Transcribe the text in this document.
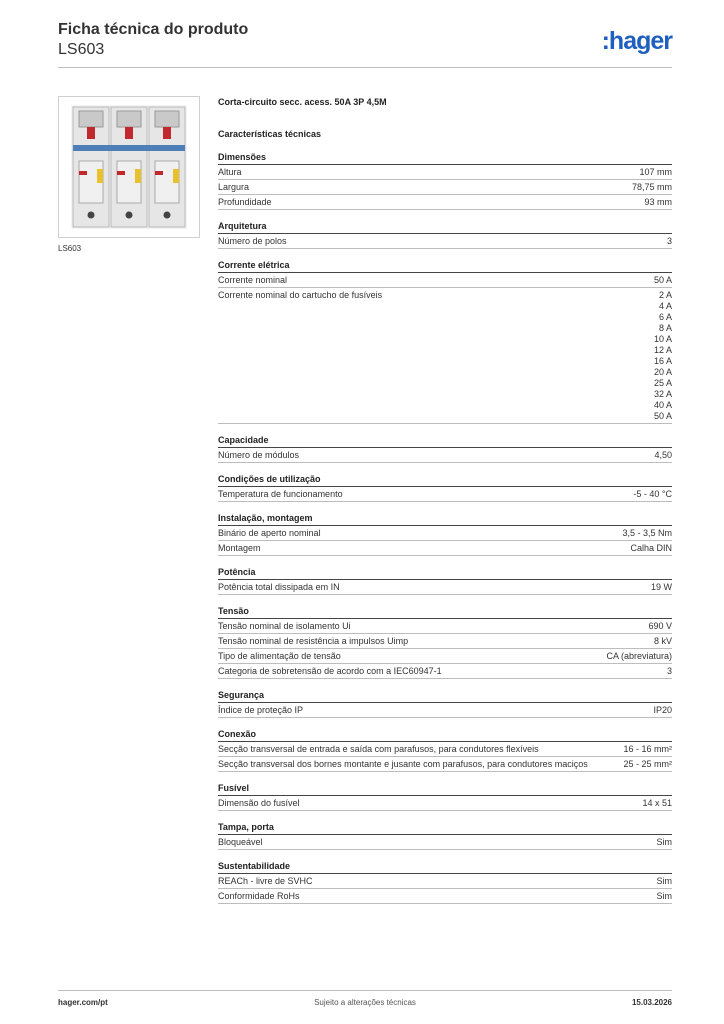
Ficha técnica do produto
LS603	:hager
LS603
Corta-circuito secc. acess. 50A 3P 4,5M
Características técnicas
Dimensões
Altura	107 mm
Largura	78,75 mm
Profundidade	93 mm
Arquitetura
Número de polos	3
Corrente elétrica
Corrente nominal	50 A
Corrente nominal do cartucho de fusíveis	2 A
4 A
6 A
8 A
10 A
12 A
16 A
20 A
25 A
32 A
40 A
50 A
Capacidade
Número de módulos	4,50
Condições de utilização
Temperatura de funcionamento	-5 - 40 °C
Instalação, montagem
Binário de aperto nominal	3,5 - 3,5 Nm
Montagem	Calha DIN
Potência
Potência total dissipada em IN	19 W
Tensão
Tensão nominal de isolamento Ui	690 V
Tensão nominal de resistência a impulsos Uimp	8 kV
Tipo de alimentação de tensão	CA (abreviatura)
Categoria de sobretensão de acordo com a IEC60947-1	3
Segurança
Índice de proteção IP	IP20
Conexão
Secção transversal de entrada e saída com parafusos, para condutores flexíveis	16 - 16 mm²
Secção transversal dos bornes montante e jusante com parafusos, para condutores maciços	25 - 25 mm²
Fusível
Dimensão do fusível	14 x 51
Tampa, porta
Bloqueável	Sim
Sustentabilidade
REACh - livre de SVHC	Sim
Conformidade RoHs	Sim
hager.com/pt	Sujeito a alterações técnicas	15.03.2026
